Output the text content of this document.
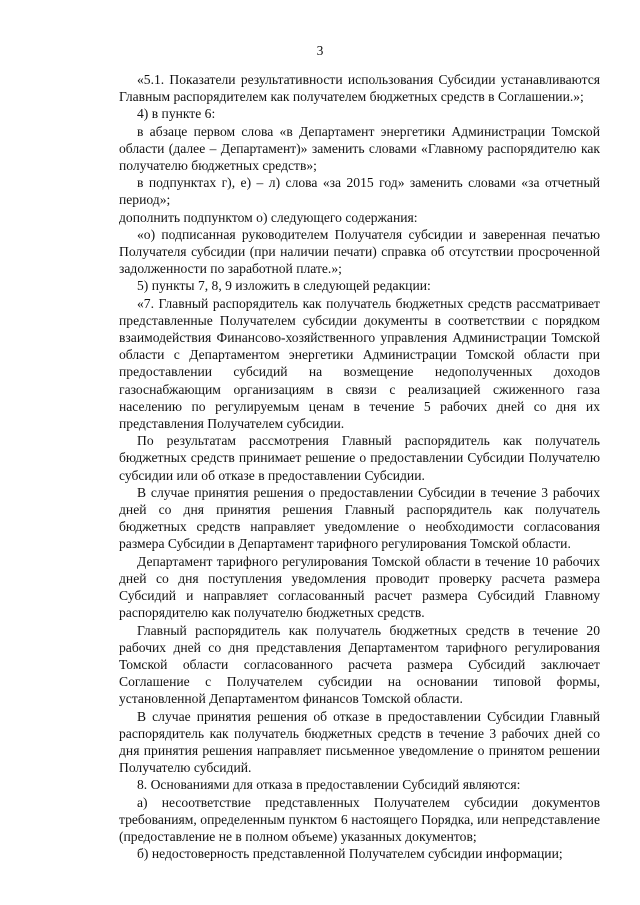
3

«5.1. Показатели результативности использования Субсидии устанавливаются Главным распорядителем как получателем бюджетных средств в Соглашении.»;

4) в пункте 6:

в абзаце первом слова «в Департамент энергетики Администрации Томской области (далее – Департамент)» заменить словами «Главному распорядителю как получателю бюджетных средств»;

в подпунктах г), е) – л) слова «за 2015 год» заменить словами «за отчетный период»;

дополнить подпунктом о) следующего содержания:

«о) подписанная руководителем Получателя субсидии и заверенная печатью Получателя субсидии (при наличии печати) справка об отсутствии просроченной задолженности по заработной плате.»;

5) пункты 7, 8, 9 изложить в следующей редакции:

«7. Главный распорядитель как получатель бюджетных средств рассматривает представленные Получателем субсидии документы в соответствии с порядком взаимодействия Финансово-хозяйственного управления Администрации Томской области с Департаментом энергетики Администрации Томской области при предоставлении субсидий на возмещение недополученных доходов газоснабжающим организациям в связи с реализацией сжиженного газа населению по регулируемым ценам в течение 5 рабочих дней со дня их представления Получателем субсидии.

По результатам рассмотрения Главный распорядитель как получатель бюджетных средств принимает решение о предоставлении Субсидии Получателю субсидии или об отказе в предоставлении Субсидии.

В случае принятия решения о предоставлении Субсидии в течение 3 рабочих дней со дня принятия решения Главный распорядитель как получатель бюджетных средств направляет уведомление о необходимости согласования размера Субсидии в Департамент тарифного регулирования Томской области.

Департамент тарифного регулирования Томской области в течение 10 рабочих дней со дня поступления уведомления проводит проверку расчета размера Субсидий и направляет согласованный расчет размера Субсидий Главному распорядителю как получателю бюджетных средств.

Главный распорядитель как получатель бюджетных средств в течение 20 рабочих дней со дня представления Департаментом тарифного регулирования Томской области согласованного расчета размера Субсидий заключает Соглашение с Получателем субсидии на основании типовой формы, установленной Департаментом финансов Томской области.

В случае принятия решения об отказе в предоставлении Субсидии Главный распорядитель как получатель бюджетных средств в течение 3 рабочих дней со дня принятия решения направляет письменное уведомление о принятом решении Получателю субсидий.

8. Основаниями для отказа в предоставлении Субсидий являются:

а) несоответствие представленных Получателем субсидии документов требованиям, определенным пунктом 6 настоящего Порядка, или непредставление (предоставление не в полном объеме) указанных документов;

б) недостоверность представленной Получателем субсидии информации;
